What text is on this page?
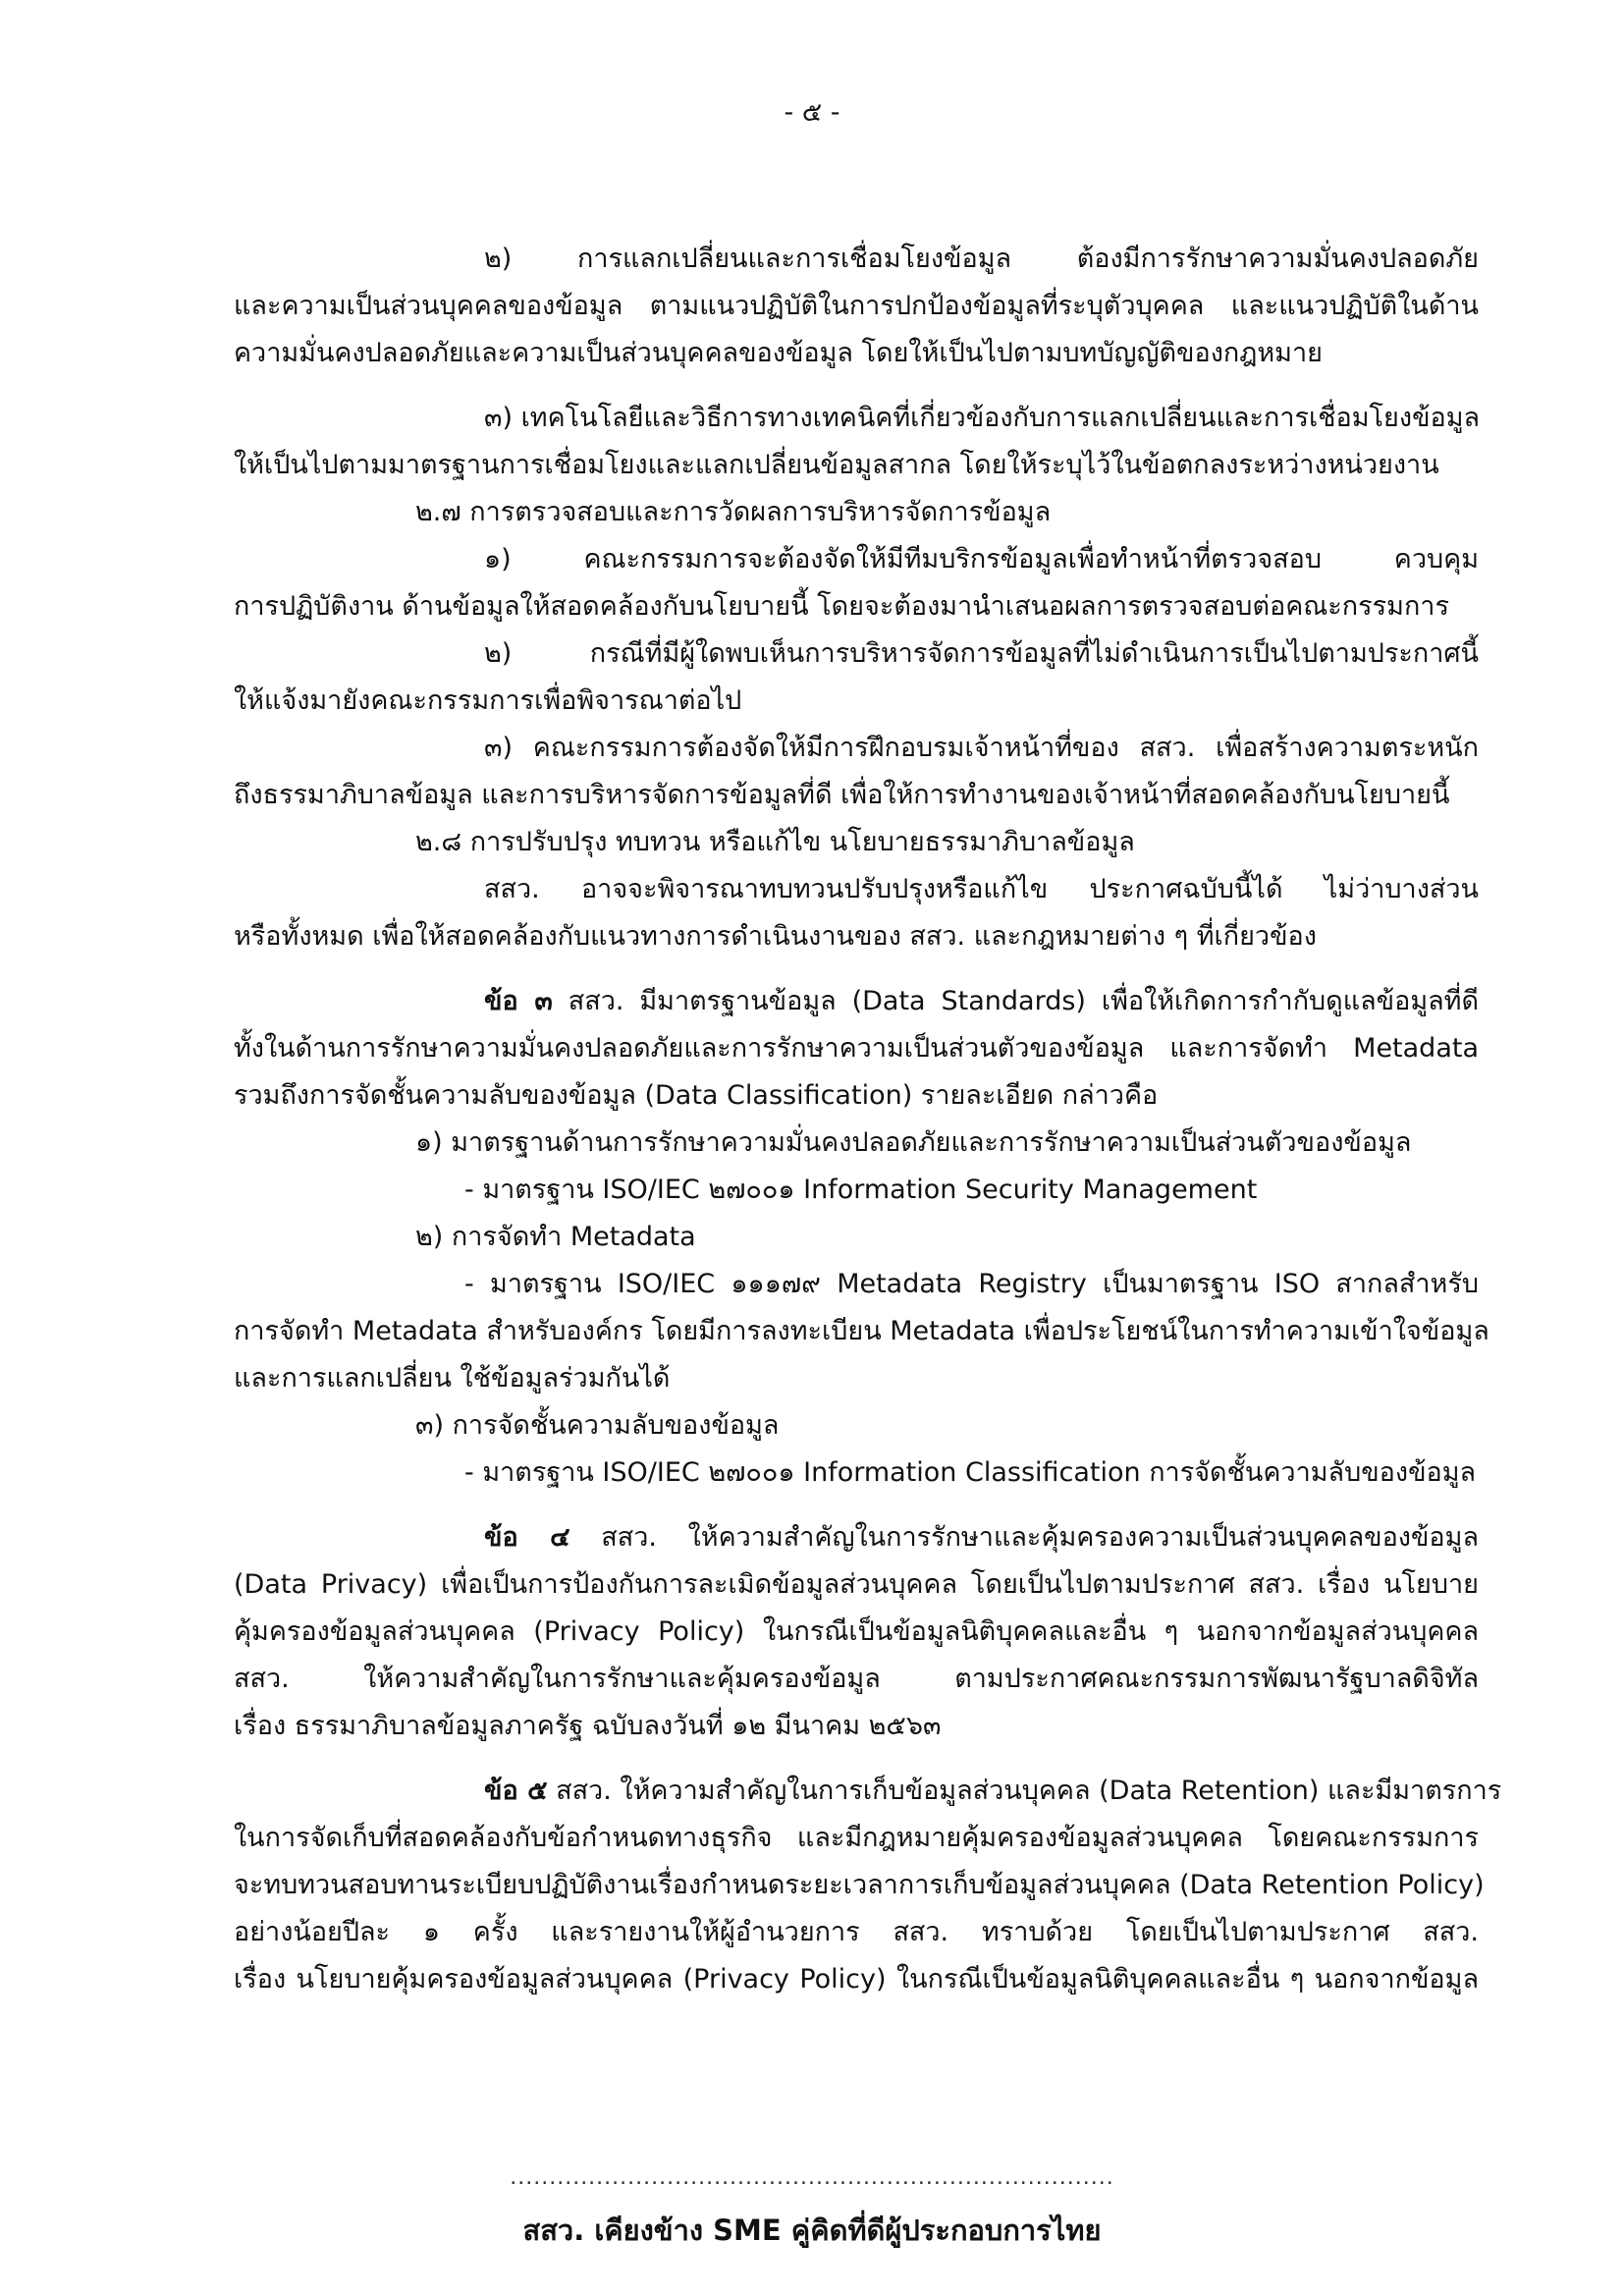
- ๕ -
๒) การแลกเปลี่ยนและการเชื่อมโยงข้อมูล ต้องมีการรักษาความมั่นคงปลอดภัย
และความเป็นส่วนบุคคลของข้อมูล ตามแนวปฏิบัติในการปกป้องข้อมูลที่ระบุตัวบุคคล และแนวปฏิบัติในด้าน
ความมั่นคงปลอดภัยและความเป็นส่วนบุคคลของข้อมูล โดยให้เป็นไปตามบทบัญญัติของกฎหมาย
๓) เทคโนโลยีและวิธีการทางเทคนิคที่เกี่ยวข้องกับการแลกเปลี่ยนและการเชื่อมโยงข้อมูล
ให้เป็นไปตามมาตรฐานการเชื่อมโยงและแลกเปลี่ยนข้อมูลสากล โดยให้ระบุไว้ในข้อตกลงระหว่างหน่วยงาน
๒.๗ การตรวจสอบและการวัดผลการบริหารจัดการข้อมูล
๑) คณะกรรมการจะต้องจัดให้มีทีมบริกรข้อมูลเพื่อทำหน้าที่ตรวจสอบ ควบคุม
การปฏิบัติงาน ด้านข้อมูลให้สอดคล้องกับนโยบายนี้ โดยจะต้องมานำเสนอผลการตรวจสอบต่อคณะกรรมการ
๒) กรณีที่มีผู้ใดพบเห็นการบริหารจัดการข้อมูลที่ไม่ดำเนินการเป็นไปตามประกาศนี้
ให้แจ้งมายังคณะกรรมการเพื่อพิจารณาต่อไป
๓) คณะกรรมการต้องจัดให้มีการฝึกอบรมเจ้าหน้าที่ของ สสว. เพื่อสร้างความตระหนัก
ถึงธรรมาภิบาลข้อมูล และการบริหารจัดการข้อมูลที่ดี เพื่อให้การทำงานของเจ้าหน้าที่สอดคล้องกับนโยบายนี้
๒.๘ การปรับปรุง ทบทวน หรือแก้ไข นโยบายธรรมาภิบาลข้อมูล
สสว. อาจจะพิจารณาทบทวนปรับปรุงหรือแก้ไข ประกาศฉบับนี้ได้ ไม่ว่าบางส่วน
หรือทั้งหมด เพื่อให้สอดคล้องกับแนวทางการดำเนินงานของ สสว. และกฎหมายต่าง ๆ ที่เกี่ยวข้อง
ข้อ ๓ สสว. มีมาตรฐานข้อมูล (Data Standards) เพื่อให้เกิดการกำกับดูแลข้อมูลที่ดี
ทั้งในด้านการรักษาความมั่นคงปลอดภัยและการรักษาความเป็นส่วนตัวของข้อมูล และการจัดทำ Metadata
รวมถึงการจัดชั้นความลับของข้อมูล (Data Classification) รายละเอียด กล่าวคือ
๑) มาตรฐานด้านการรักษาความมั่นคงปลอดภัยและการรักษาความเป็นส่วนตัวของข้อมูล
- มาตรฐาน ISO/IEC ๒๗๐๐๑ Information Security Management
๒) การจัดทำ Metadata
- มาตรฐาน ISO/IEC ๑๑๑๗๙ Metadata Registry เป็นมาตรฐาน ISO สากลสำหรับ
การจัดทำ Metadata สำหรับองค์กร โดยมีการลงทะเบียน Metadata เพื่อประโยชน์ในการทำความเข้าใจข้อมูล
และการแลกเปลี่ยน ใช้ข้อมูลร่วมกันได้
๓) การจัดชั้นความลับของข้อมูล
- มาตรฐาน ISO/IEC ๒๗๐๐๑ Information Classification การจัดชั้นความลับของข้อมูล
ข้อ ๔ สสว. ให้ความสำคัญในการรักษาและคุ้มครองความเป็นส่วนบุคคลของข้อมูล
(Data Privacy) เพื่อเป็นการป้องกันการละเมิดข้อมูลส่วนบุคคล โดยเป็นไปตามประกาศ สสว. เรื่อง นโยบาย
คุ้มครองข้อมูลส่วนบุคคล (Privacy Policy) ในกรณีเป็นข้อมูลนิติบุคคลและอื่น ๆ นอกจากข้อมูลส่วนบุคคล
สสว. ให้ความสำคัญในการรักษาและคุ้มครองข้อมูล ตามประกาศคณะกรรมการพัฒนารัฐบาลดิจิทัล
เรื่อง ธรรมาภิบาลข้อมูลภาครัฐ ฉบับลงวันที่ ๑๒ มีนาคม ๒๕๖๓
ข้อ ๕ สสว. ให้ความสำคัญในการเก็บข้อมูลส่วนบุคคล (Data Retention) และมีมาตรการ
ในการจัดเก็บที่สอดคล้องกับข้อกำหนดทางธุรกิจ และมีกฎหมายคุ้มครองข้อมูลส่วนบุคคล โดยคณะกรรมการ
จะทบทวนสอบทานระเบียบปฏิบัติงานเรื่องกำหนดระยะเวลาการเก็บข้อมูลส่วนบุคคล (Data Retention Policy)
อย่างน้อยปีละ ๑ ครั้ง และรายงานให้ผู้อำนวยการ สสว. ทราบด้วย โดยเป็นไปตามประกาศ สสว.
เรื่อง นโยบายคุ้มครองข้อมูลส่วนบุคคล (Privacy Policy) ในกรณีเป็นข้อมูลนิติบุคคลและอื่น ๆ นอกจากข้อมูล
.............................................................................
สสว. เคียงข้าง SME คู่คิดที่ดีผู้ประกอบการไทย
